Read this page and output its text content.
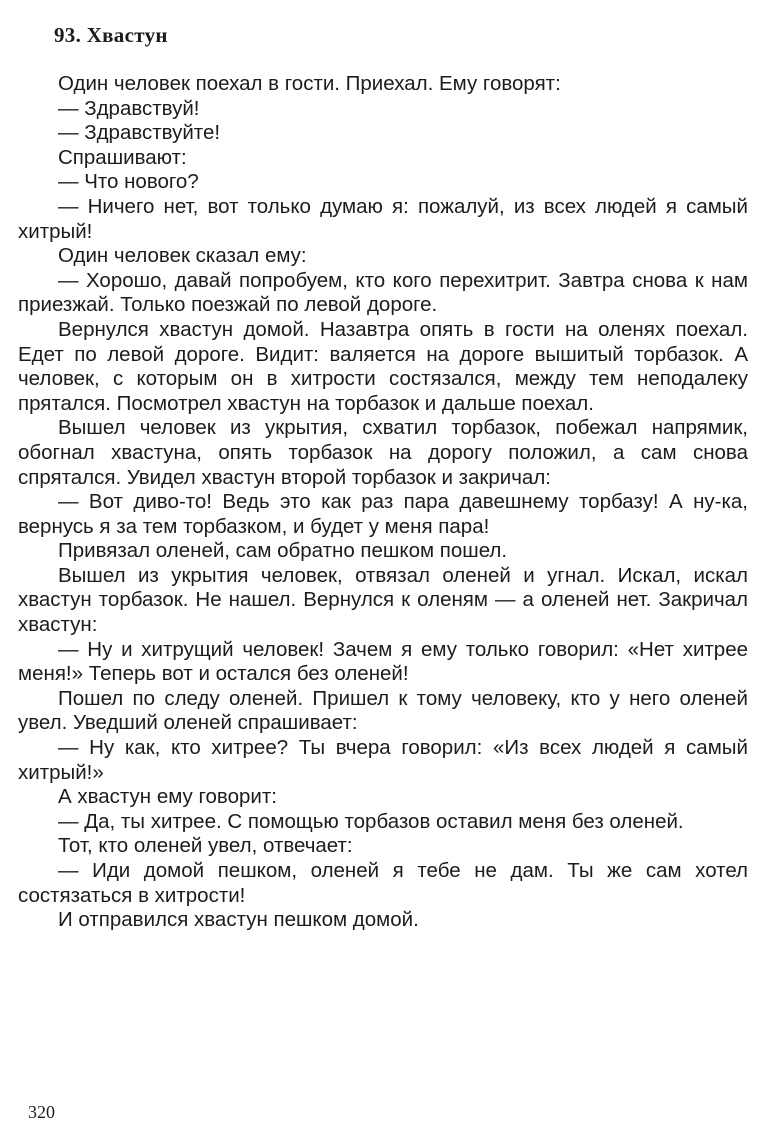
93. Хвастун

Один человек поехал в гости. Приехал. Ему говорят:

— Здравствуй!

— Здравствуйте!

Спрашивают:

— Что нового?

— Ничего нет, вот только думаю я: пожалуй, из всех людей я самый хитрый!

Один человек сказал ему:

— Хорошо, давай попробуем, кто кого перехитрит. Завтра снова к нам приезжай. Только поезжай по левой дороге.

Вернулся хвастун домой. Назавтра опять в гости на оленях поехал. Едет по левой дороге. Видит: валяется на дороге вышитый торбазок. А человек, с которым он в хитрости состязался, между тем неподалеку прятался. Посмотрел хвастун на торбазок и дальше поехал.

Вышел человек из укрытия, схватил торбазок, побежал напрямик, обогнал хвастуна, опять торбазок на дорогу положил, а сам снова спрятался. Увидел хвастун второй торбазок и закричал:

— Вот диво-то! Ведь это как раз пара давешнему торбазу! А ну-ка, вернусь я за тем торбазком, и будет у меня пара!

Привязал оленей, сам обратно пешком пошел.

Вышел из укрытия человек, отвязал оленей и угнал. Искал, искал хвастун торбазок. Не нашел. Вернулся к оленям — а оленей нет. Закричал хвастун:

— Ну и хитрущий человек! Зачем я ему только говорил: «Нет хитрее меня!» Теперь вот и остался без оленей!

Пошел по следу оленей. Пришел к тому человеку, кто у него оленей увел. Уведший оленей спрашивает:

— Ну как, кто хитрее? Ты вчера говорил: «Из всех людей я самый хитрый!»

А хвастун ему говорит:

— Да, ты хитрее. С помощью торбазов оставил меня без оленей.

Тот, кто оленей увел, отвечает:

— Иди домой пешком, оленей я тебе не дам. Ты же сам хотел состязаться в хитрости!

И отправился хвастун пешком домой.

320
